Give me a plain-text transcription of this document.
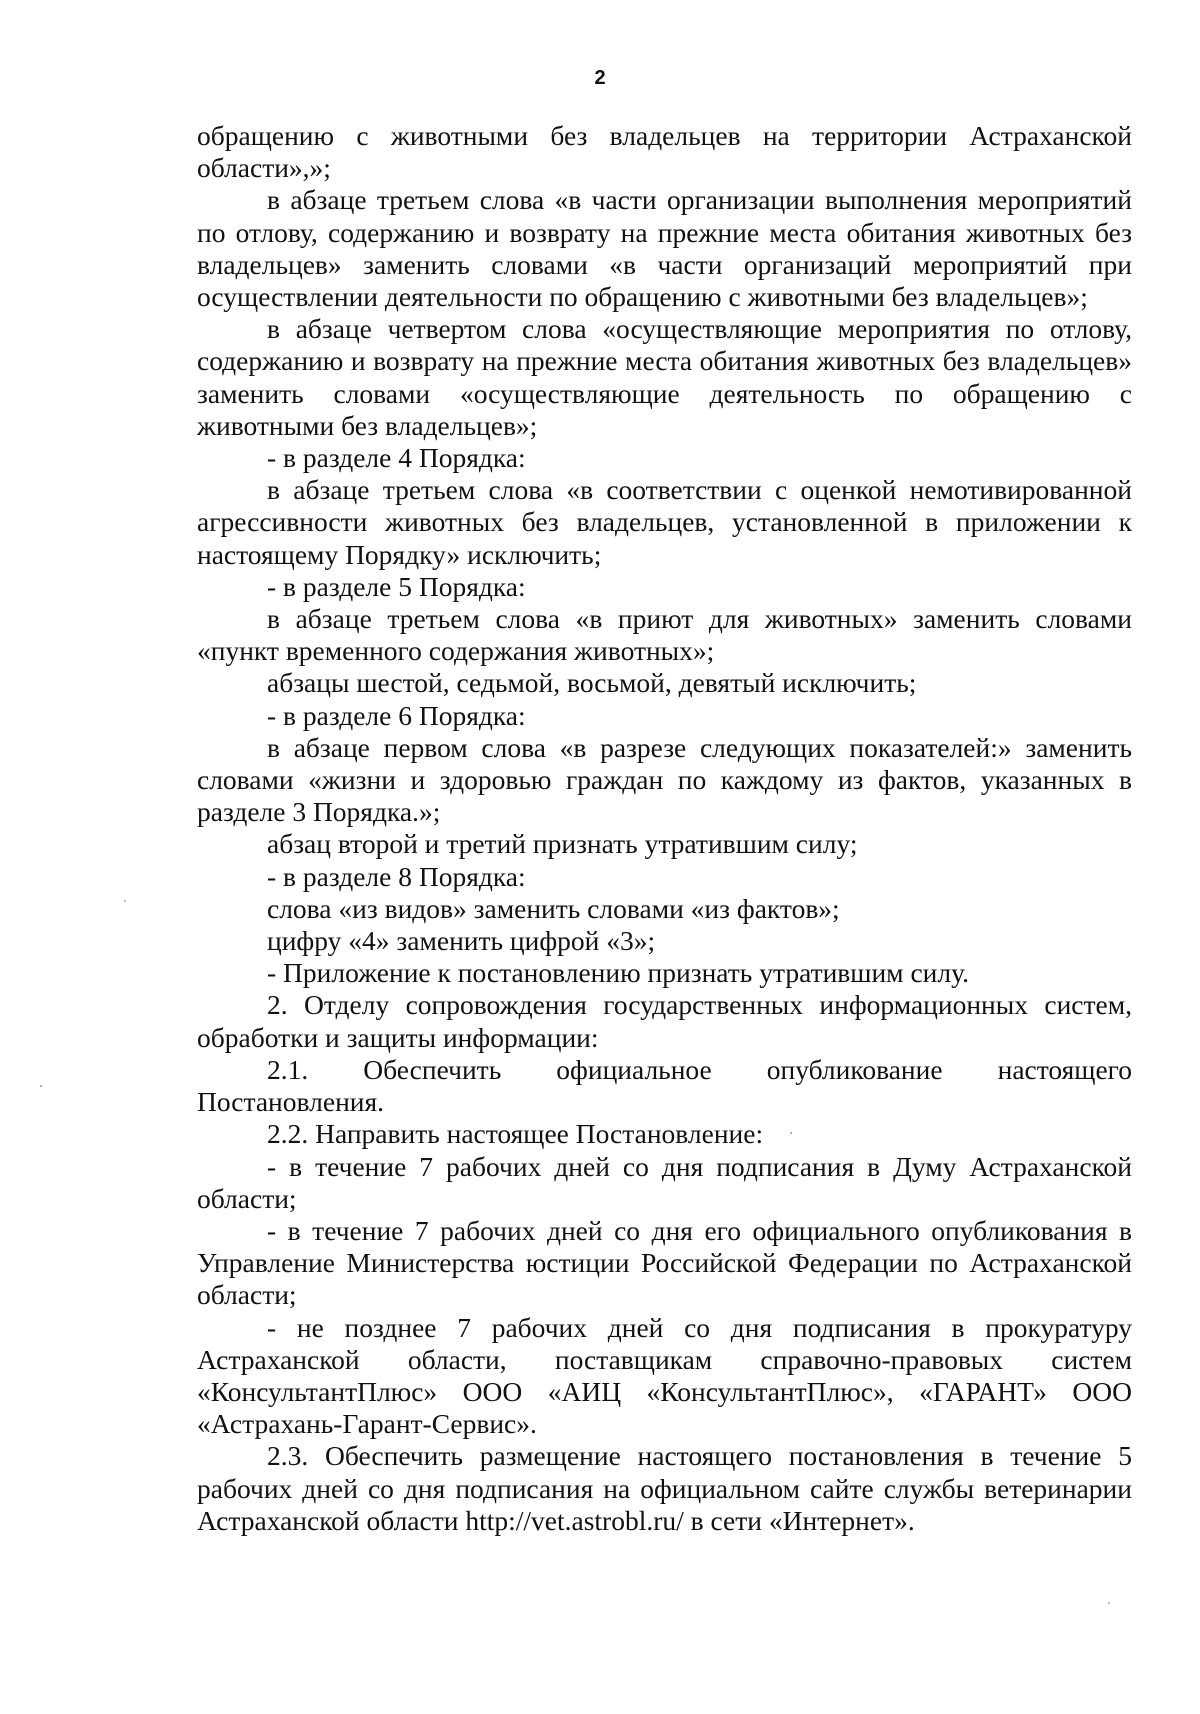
2

обращению с животными без владельцев на территории Астраханской области»,»;

в абзаце третьем слова «в части организации выполнения мероприятий по отлову, содержанию и возврату на прежние места обитания животных без владельцев» заменить словами «в части организаций мероприятий при осуществлении деятельности по обращению с животными без владельцев»;

в абзаце четвертом слова «осуществляющие мероприятия по отлову, содержанию и возврату на прежние места обитания животных без владельцев» заменить словами «осуществляющие деятельность по обращению с животными без владельцев»;

- в разделе 4 Порядка:

в абзаце третьем слова «в соответствии с оценкой немотивированной агрессивности животных без владельцев, установленной в приложении к настоящему Порядку» исключить;

- в разделе 5 Порядка:

в абзаце третьем слова «в приют для животных» заменить словами «пункт временного содержания животных»;

абзацы шестой, седьмой, восьмой, девятый исключить;

- в разделе 6 Порядка:

в абзаце первом слова «в разрезе следующих показателей:» заменить словами «жизни и здоровью граждан по каждому из фактов, указанных в разделе 3 Порядка.»;

абзац второй и третий признать утратившим силу;

- в разделе 8 Порядка:

слова «из видов» заменить словами «из фактов»;

цифру «4» заменить цифрой «3»;

- Приложение к постановлению признать утратившим силу.

2. Отделу сопровождения государственных информационных систем, обработки и защиты информации:

2.1. Обеспечить официальное опубликование настоящего Постановления.

2.2. Направить настоящее Постановление:

- в течение 7 рабочих дней со дня подписания в Думу Астраханской области;

- в течение 7 рабочих дней со дня его официального опубликования в Управление Министерства юстиции Российской Федерации по Астраханской области;

- не позднее 7 рабочих дней со дня подписания в прокуратуру Астраханской области, поставщикам справочно-правовых систем «КонсультантПлюс» ООО «АИЦ «КонсультантПлюс», «ГАРАНТ» ООО «Астрахань-Гарант-Сервис».

2.3. Обеспечить размещение настоящего постановления в течение 5 рабочих дней со дня подписания на официальном сайте службы ветеринарии Астраханской области http://vet.astrobl.ru/ в сети «Интернет».
